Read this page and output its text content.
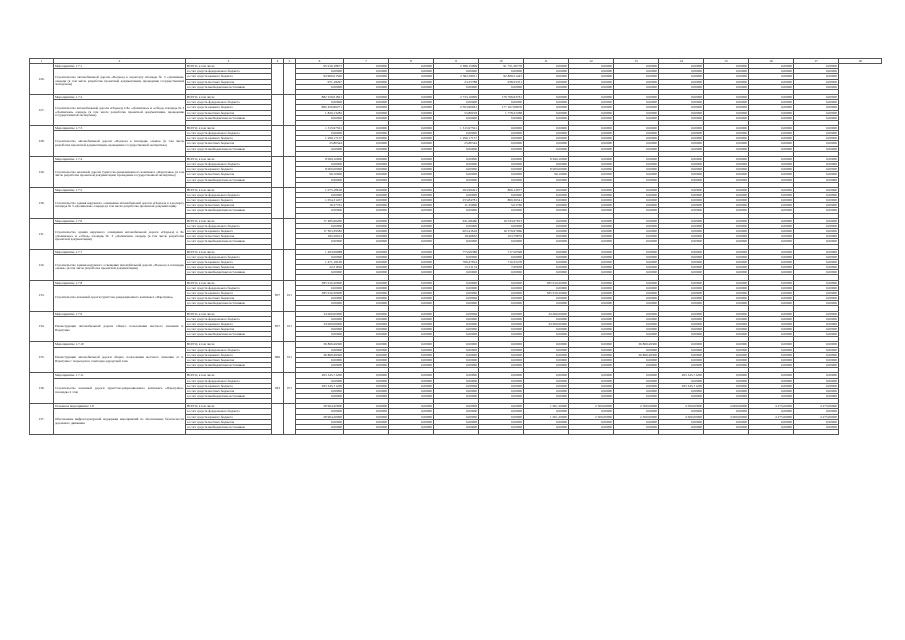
1	2	3	4	5	6	7	8	9	10	11	12	13	14	15	16	17	18
126.	Мероприятие 1.7.1	ВСЕГО, в том числе			95 919,18677	0,00000	0,00000	2 386,15099	91 721,36776	0,00000	0,00000	0,00000	0,00000	0,00000	0,00000	0,00000	
	Строительство автомобильной дороги «Подъезд к аэропорту площадь № 3 «Долинная» очереди (в том числе разработка проектной документации, проведение государственной экспертизы)	за счет средств федерального бюджета			0,00000	0,00000	0,00000	0,00000	0,00000	0,00000	0,00000	0,00000	0,00000	0,00000	0,00000	0,00000	
		за счет средств краевого бюджета			94 960,01500	0,00000	0,00000	2 362,59011	92 808,51443	0,00000	0,00000	0,00000	0,00000	0,00000	0,00000	0,00000	
		за счет средств местных бюджетов			971,18297	0,00000	0,00000	23,25788	938,55331	0,00000	0,00000	0,00000	0,00000	0,00000	0,00000	0,00000	
		за счет средств внебюджетных источников			0,00000	0,00000	0,00000	0,00000	0,00000	0,00000	0,00000	0,00000	0,00000	0,00000	0,00000	0,00000	

127.	Мероприятие 1.7.2	ВСЕГО, в том числе			882 259,01821	0,00000	0,00000	2 733,16099	179 766,63761	0,00000	0,00000	0,00000	0,00000	0,00000	0,00000	0,00000	
	Строительство автомобильной дороги «Подъезд к Бо «Долинское» и «обход» площадь № 3 «Долинская» очередь (в том числе разработка проектной документации, проведение государственной экспертизы)	за счет средств федерального бюджета			0,00000	0,00000	0,00000	0,00000	0,00000	0,00000	0,00000	0,00000	0,00000	0,00000	0,00000	0,00000	
		за счет средств краевого бюджета			860 450,86271	0,00000	0,00000	2 503,90061	177 167,08676	0,00000	0,00000	0,00000	0,00000	0,00000	0,00000	0,00000	
		за счет средств местных бюджетов			1 829,13282	0,00000	0,00000	53,86018	1 778,27268	0,00000	0,00000	0,00000	0,00000	0,00000	0,00000	0,00000	
		за счет средств внебюджетных источников			0,00000	0,00000	0,00000	0,00000	0,00000	0,00000	0,00000	0,00000	0,00000	0,00000	0,00000	0,00000	

128.	Мероприятие 1.7.3	ВСЕГО, в том числе			1 315,97501	0,00000	0,00000	1 315,97501	0,00000	0,00000	0,00000	0,00000	0,00000	0,00000	0,00000	0,00000	
	Строительство автомобильной дороги «Подъезд к площадке «лыжа» (в том числе разработка проектной документации, проведение государственной экспертизы)	за счет средств федерального бюджета			0,00000	0,00000	0,00000	0,00000	0,00000	0,00000	0,00000	0,00000	0,00000	0,00000	0,00000	0,00000	
		за счет средств краевого бюджета			1 290,17157	0,00000	0,00000	1 290,17157	0,00000	0,00000	0,00000	0,00000	0,00000	0,00000	0,00000	0,00000	
		за счет средств местных бюджетов			25,80344	0,00000	0,00000	25,80344	0,00000	0,00000	0,00000	0,00000	0,00000	0,00000	0,00000	0,00000	
		за счет средств внебюджетных источников			0,00000	0,00000	0,00000	0,00000	0,00000	0,00000	0,00000	0,00000	0,00000	0,00000	0,00000	0,00000	

129.	Мероприятие 1.7.4	ВСЕГО, в том числе			8 099,10000	0,00000	0,00000	0,00000	0,00000	8 099,10000	0,00000	0,00000	0,00000	0,00000	0,00000	0,00000	
	Строительство наземной дороги туристско-рекреационного комплекса «Паратунка» (в том числе разработка проектной документации, проведение государственной экспертизы)	за счет средств федерального бюджета			0,00000	0,00000	0,00000	0,00000	0,00000	0,00000	0,00000	0,00000	0,00000	0,00000	0,00000	0,00000	
		за счет средств краевого бюджета			8 000,00000	0,00000	0,00000	0,00000	0,00000	8 000,00000	0,00000	0,00000	0,00000	0,00000	0,00000	0,00000	
		за счет средств местных бюджетов			99,10000	0,00000	0,00000	0,00000	0,00000	99,10000	0,00000	0,00000	0,00000	0,00000	0,00000	0,00000	
		за счет средств внебюджетных источников			0,00000	0,00000	0,00000	0,00000	0,00000	0,00000	0,00000	0,00000	0,00000	0,00000	0,00000	0,00000	

130.	Мероприятие 1.7.5	ВСЕГО, в том числе			1 075,18618	0,00000	0,00000	263,96491	806,12977	0,00000	0,00000	0,00000	0,00000	0,00000	0,00000	0,00000	
	Строительство здания наружного освещения автомобильной дороги «Подъезд к аэропорту площадь № 3 «Долинская» очередь (в том числе разработка проектной документации)	за счет средств федерального бюджета			0,00000	0,00000	0,00000	0,00000	0,00000	0,00000	0,00000	0,00000	0,00000	0,00000	0,00000	0,00000	
		за счет средств краевого бюджета			1 054,31457	0,00000	0,00000	253,84781	800,36541	0,00000	0,00000	0,00000	0,00000	0,00000	0,00000	0,00000	
		за счет средств местных бюджетов			16,37761	0,00000	0,00000	11,35996	5,01766	0,00000	0,00000	0,00000	0,00000	0,00000	0,00000	0,00000	
		за счет средств внебюджетных источников			0,00000	0,00000	0,00000	0,00000	0,00000	0,00000	0,00000	0,00000	0,00000	0,00000	0,00000	0,00000	

131.	Мероприятие 1.7.6	ВСЕГО, в том числе			17 485,66200	0,00000	0,00000	941,68460	16 543,97813	0,00000	0,00000	0,00000	0,00000	0,00000	0,00000	0,00000	
	Строительство здания наружного освещения автомобильной дороги «Подъезд к Бо «Долинское» и «обход» площадь № 3 «Долинская» очередь (в том числе разработка проектной документации)	за счет средств федерального бюджета			0,00000	0,00000	0,00000	0,00000	0,00000	0,00000	0,00000	0,00000	0,00000	0,00000	0,00000	0,00000	
		за счет средств краевого бюджета			17 303,39582	0,00000	0,00000	923,41616	16 379,97966	0,00000	0,00000	0,00000	0,00000	0,00000	0,00000	0,00000	
		за счет средств местных бюджетов			182,26612	0,00000	0,00000	18,46832	163,79879	0,00000	0,00000	0,00000	0,00000	0,00000	0,00000	0,00000	
		за счет средств внебюджетных источников			0,00000	0,00000	0,00000	0,00000	0,00000	0,00000	0,00000	0,00000	0,00000	0,00000	0,00000	0,00000	

132.	Мероприятие 1.7.7	ВСЕГО, в том числе			1 493,69988	0,00000	0,00000	775,99389	717,50598	0,00000	0,00000	0,00000	0,00000	0,00000	0,00000	0,00000	
	Строительство здания наружного освещения автомобильной дороги «Подъезд к площадке «лыжа» (в том числе разработка проектной документации)	за счет средств федерального бюджета			0,00000	0,00000	0,00000	0,00000	0,00000	0,00000	0,00000	0,00000	0,00000	0,00000	0,00000	0,00000	
		за счет средств краевого бюджета			1 471,18169	0,00000	0,00000	760,47814	710,25278	0,00000	0,00000	0,00000	0,00000	0,00000	0,00000	0,00000	
		за счет средств местных бюджетов			22,51810	0,00000	0,00000	15,51174	7,00638	0,00000	0,00000	0,00000	0,00000	0,00000	0,00000	0,00000	
		за счет средств внебюджетных источников			0,00000	0,00000	0,00000	0,00000	0,00000	0,00000	0,00000	0,00000	0,00000	0,00000	0,00000	0,00000	

133.	Мероприятие 1.7.8	ВСЕГО, в том числе	857	011	385 910,20000	0,00000	0,00000	0,00000	0,00000	385 910,20000	0,00000	0,00000	0,00000	0,00000	0,00000	0,00000	
	Строительство наземной дороги туристско-рекреационного комплекса «Паратунка»	за счет средств федерального бюджета			0,00000	0,00000	0,00000	0,00000	0,00000	0,00000	0,00000	0,00000	0,00000	0,00000	0,00000	0,00000	
		за счет средств краевого бюджета			385 910,20000	0,00000	0,00000	0,00000	0,00000	385 910,20000	0,00000	0,00000	0,00000	0,00000	0,00000	0,00000	
		за счет средств местных бюджетов			0,00000	0,00000	0,00000	0,00000	0,00000	0,00000	0,00000	0,00000	0,00000	0,00000	0,00000	0,00000	
		за счет средств внебюджетных источников			0,00000	0,00000	0,00000	0,00000	0,00000	0,00000	0,00000	0,00000	0,00000	0,00000	0,00000	0,00000	

134.	Мероприятие 1.7.9	ВСЕГО, в том числе	857	011	34 000,00000	0,00000	0,00000	0,00000	0,00000	34 000,00000	0,00000	0,00000	0,00000	0,00000	0,00000	0,00000	
	Реконструкция автомобильной дороги общего пользования местного значения п. Паратунка	за счет средств федерального бюджета			0,00000	0,00000	0,00000	0,00000	0,00000	0,00000	0,00000	0,00000	0,00000	0,00000	0,00000	0,00000	
		за счет средств краевого бюджета			34 000,00000	0,00000	0,00000	0,00000	0,00000	34 000,00000	0,00000	0,00000	0,00000	0,00000	0,00000	0,00000	
		за счет средств местных бюджетов			0,00000	0,00000	0,00000	0,00000	0,00000	0,00000	0,00000	0,00000	0,00000	0,00000	0,00000	0,00000	
		за счет средств внебюджетных источников			0,00000	0,00000	0,00000	0,00000	0,00000	0,00000	0,00000	0,00000	0,00000	0,00000	0,00000	0,00000	

135.	Мероприятие 1.7.10	ВСЕГО, в том числе	860	011	36 869,49300	0,00000	0,00000	0,00000	0,00000	0,00000	0,00000	36 869,49300	0,00000	0,00000	0,00000	0,00000	
	Реконструкция автомобильной дороги общего пользования местного значения от п. Паратунка с подъездом к санаторно-курортной зоне	за счет средств федерального бюджета			0,00000	0,00000	0,00000	0,00000	0,00000	0,00000	0,00000	0,00000	0,00000	0,00000	0,00000	0,00000	
		за счет средств краевого бюджета			36 869,49300	0,00000	0,00000	0,00000	0,00000	0,00000	0,00000	36 869,49300	0,00000	0,00000	0,00000	0,00000	
		за счет средств местных бюджетов			0,00000	0,00000	0,00000	0,00000	0,00000	0,00000	0,00000	0,00000	0,00000	0,00000	0,00000	0,00000	
		за счет средств внебюджетных источников			0,00000	0,00000	0,00000	0,00000	0,00000	0,00000	0,00000	0,00000	0,00000	0,00000	0,00000	0,00000	

136.	Мероприятие 1.7.11	ВСЕГО, в том числе	943	071	263 345,71200	0,00000	0,00000	0,00000	0,00000	0,00000	0,00000	0,00000	263 345,71200	0,00000	0,00000	0,00000	
	Строительство наземной дороги туристско-рекреационного комплекса «Паратунка», площадка 2 этап	за счет средств федерального бюджета			0,00000	0,00000	0,00000	0,00000	0,00000	0,00000	0,00000	0,00000	0,00000	0,00000	0,00000	0,00000	
		за счет средств краевого бюджета			263 345,71200	0,00000	0,00000	0,00000	0,00000	0,00000	0,00000	0,00000	263 345,71200	0,00000	0,00000	0,00000	
		за счет средств местных бюджетов			0,00000	0,00000	0,00000	0,00000	0,00000	0,00000	0,00000	0,00000	0,00000	0,00000	0,00000	0,00000	
		за счет средств внебюджетных источников			0,00000	0,00000	0,00000	0,00000	0,00000	0,00000	0,00000	0,00000	0,00000	0,00000	0,00000	0,00000	

137.	Основное мероприятие 1.8	ВСЕГО, в том числе			28 904,20000	0,00000	0,00000	0,00000	0,00000	1 001,20000	2 500,00000	2 500,00000	4 500,00000	4 000,00000	4 275,00000	4 275,00000	
	Обеспечение инфраструктурной поддержки мероприятий по обеспечению безопасности дорожного движения	за счет средств федерального бюджета			0,00000	0,00000	0,00000	0,00000	0,00000	0,00000	0,00000	0,00000	0,00000	0,00000	0,00000	0,00000	
		за счет средств краевого бюджета			28 904,20000	0,00000	0,00000	0,00000	0,00000	1 001,20000	2 500,00000	2 500,00000	4 500,00000	4 000,00000	4 275,00000	4 275,00000	
		за счет средств местных бюджетов			0,00000	0,00000	0,00000	0,00000	0,00000	0,00000	0,00000	0,00000	0,00000	0,00000	0,00000	0,00000	
		за счет средств внебюджетных источников			0,00000	0,00000	0,00000	0,00000	0,00000	0,00000	0,00000	0,00000	0,00000	0,00000	0,00000	0,00000	
